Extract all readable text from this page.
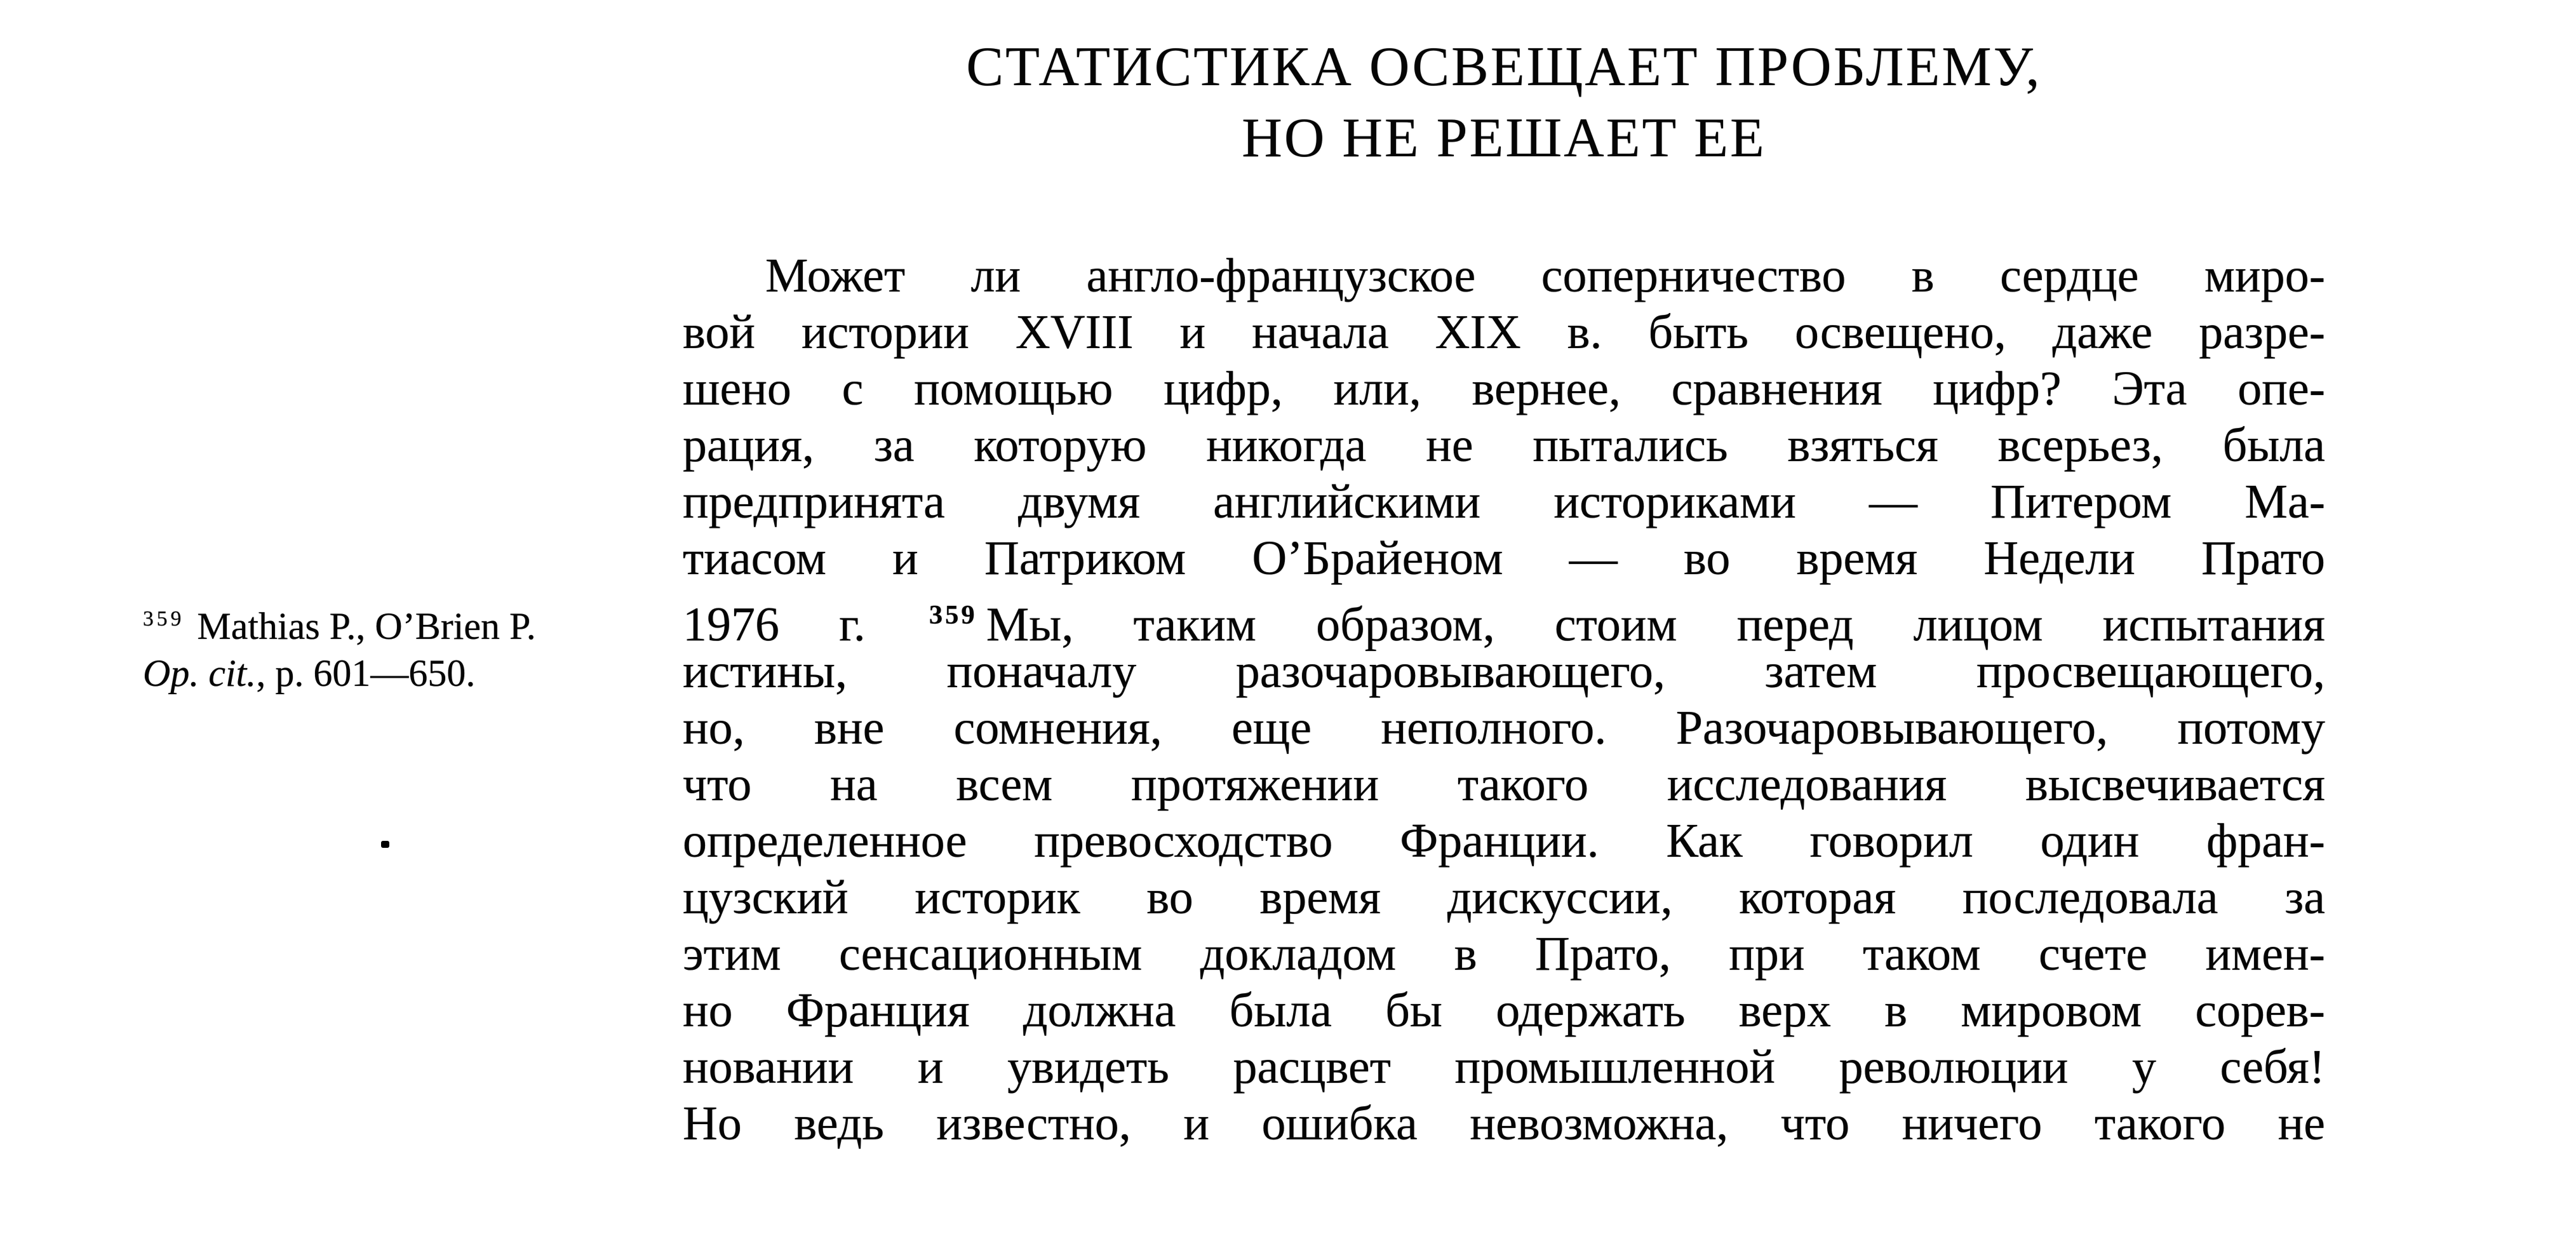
СТАТИСТИКА ОСВЕЩАЕТ ПРОБЛЕМУ,
НО НЕ РЕШАЕТ ЕЕ
$^{359}$ Mathias P., O’Brien P.
Op. cit., p. 601—650.
Может ли англо-французское соперничество в сердце миро-
вой истории XVIII и начала XIX в. быть освещено, даже разре-
шено с помощью цифр, или, вернее, сравнения цифр? Эта опе-
рация, за которую никогда не пытались взяться всерьез, была
предпринята двумя английскими историками — Питером Ма-
тиасом и Патриком О’Брайеном — во время Недели Прато
1976 г. $^{359}$ Мы, таким образом, стоим перед лицом испытания
истины, поначалу разочаровывающего, затем просвещающего,
но, вне сомнения, еще неполного. Разочаровывающего, потому
что на всем протяжении такого исследования высвечивается
определенное превосходство Франции. Как говорил один фран-
цузский историк во время дискуссии, которая последовала за
этим сенсационным докладом в Прато, при таком счете имен-
но Франция должна была бы одержать верх в мировом сорев-
новании и увидеть расцвет промышленной революции у себя!
Но ведь известно, и ошибка невозможна, что ничего такого не
